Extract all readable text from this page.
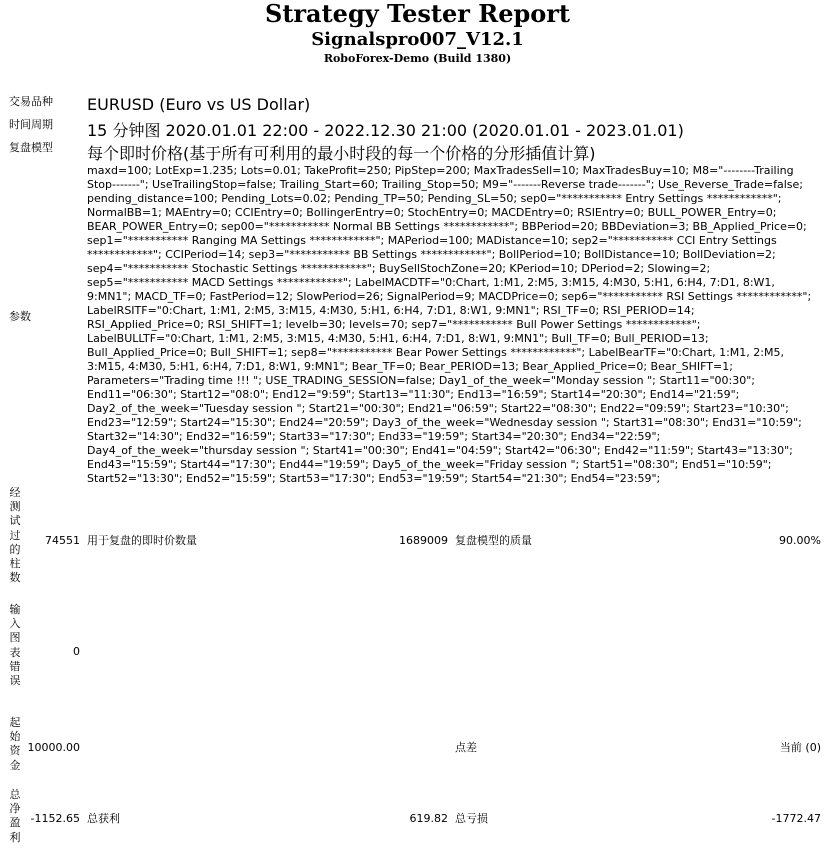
Strategy Tester Report
Signalspro007_V12.1
RoboForex-Demo (Build 1380)
交易品种 EURUSD (Euro vs US Dollar)
时间周期 15 分钟图 2020.01.01 22:00 - 2022.12.30 21:00 (2020.01.01 - 2023.01.01)
复盘模型 每个即时价格(基于所有可利用的最小时段的每一个价格的分形插值计算)
参数
maxd=100; LotExp=1.235; Lots=0.01; TakeProfit=250; PipStep=200; MaxTradesSell=10; MaxTradesBuy=10; M8="--------Trailing Stop-------"; UseTrailingStop=false; Trailing_Start=60; Trailing_Stop=50; M9="-------Reverse trade-------"; Use_Reverse_Trade=false; pending_distance=100; Pending_Lots=0.02; Pending_TP=50; Pending_SL=50; sep0="*********** Entry Settings ************"; NormalBB=1; MAEntry=0; CCIEntry=0; BollingerEntry=0; StochEntry=0; MACDEntry=0; RSIEntry=0; BULL_POWER_Entry=0; BEAR_POWER_Entry=0; sep00="*********** Normal BB Settings ************"; BBPeriod=20; BBDeviation=3; BB_Applied_Price=0; sep1="*********** Ranging MA Settings ************"; MAPeriod=100; MADistance=10; sep2="*********** CCI Entry Settings ************"; CCIPeriod=14; sep3="*********** BB Settings ************"; BollPeriod=10; BollDistance=10; BollDeviation=2; sep4="*********** Stochastic Settings ************"; BuySellStochZone=20; KPeriod=10; DPeriod=2; Slowing=2; sep5="*********** MACD Settings ************"; LabelMACDTF="0:Chart, 1:M1, 2:M5, 3:M15, 4:M30, 5:H1, 6:H4, 7:D1, 8:W1, 9:MN1"; MACD_TF=0; FastPeriod=12; SlowPeriod=26; SignalPeriod=9; MACDPrice=0; sep6="*********** RSI Settings ************"; LabelRSITF="0:Chart, 1:M1, 2:M5, 3:M15, 4:M30, 5:H1, 6:H4, 7:D1, 8:W1, 9:MN1"; RSI_TF=0; RSI_PERIOD=14; RSI_Applied_Price=0; RSI_SHIFT=1; levelb=30; levels=70; sep7="*********** Bull Power Settings ************"; LabelBULLTF="0:Chart, 1:M1, 2:M5, 3:M15, 4:M30, 5:H1, 6:H4, 7:D1, 8:W1, 9:MN1"; Bull_TF=0; Bull_PERIOD=13; Bull_Applied_Price=0; Bull_SHIFT=1; sep8="*********** Bear Power Settings ************"; LabelBearTF="0:Chart, 1:M1, 2:M5, 3:M15, 4:M30, 5:H1, 6:H4, 7:D1, 8:W1, 9:MN1"; Bear_TF=0; Bear_PERIOD=13; Bear_Applied_Price=0; Bear_SHIFT=1; Parameters="Trading time !!! "; USE_TRADING_SESSION=false; Day1_of_the_week="Monday session "; Start11="00:30"; End11="06:30"; Start12="08:0"; End12="9:59"; Start13="11:30"; End13="16:59"; Start14="20:30"; End14="21:59"; Day2_of_the_week="Tuesday session "; Start21="00:30"; End21="06:59"; Start22="08:30"; End22="09:59"; Start23="10:30"; End23="12:59"; Start24="15:30"; End24="20:59"; Day3_of_the_week="Wednesday session "; Start31="08:30"; End31="10:59"; Start32="14:30"; End32="16:59"; Start33="17:30"; End33="19:59"; Start34="20:30"; End34="22:59"; Day4_of_the_week="thursday session "; Start41="00:30"; End41="04:59"; Start42="06:30"; End42="11:59"; Start43="13:30"; End43="15:59"; Start44="17:30"; End44="19:59"; Day5_of_the_week="Friday session "; Start51="08:30"; End51="10:59"; Start52="13:30"; End52="15:59"; Start53="17:30"; End53="19:59"; Start54="21:30"; End54="23:59";
经测试过的柱数
74551 用于复盘的即时价数量	1689009 复盘模型的质量	90.00%
输入图表错误
0
起始资金
10000.00	点差	当前 (0)
总净盈利
-1152.65 总获利	619.82 总亏损	-1772.47
